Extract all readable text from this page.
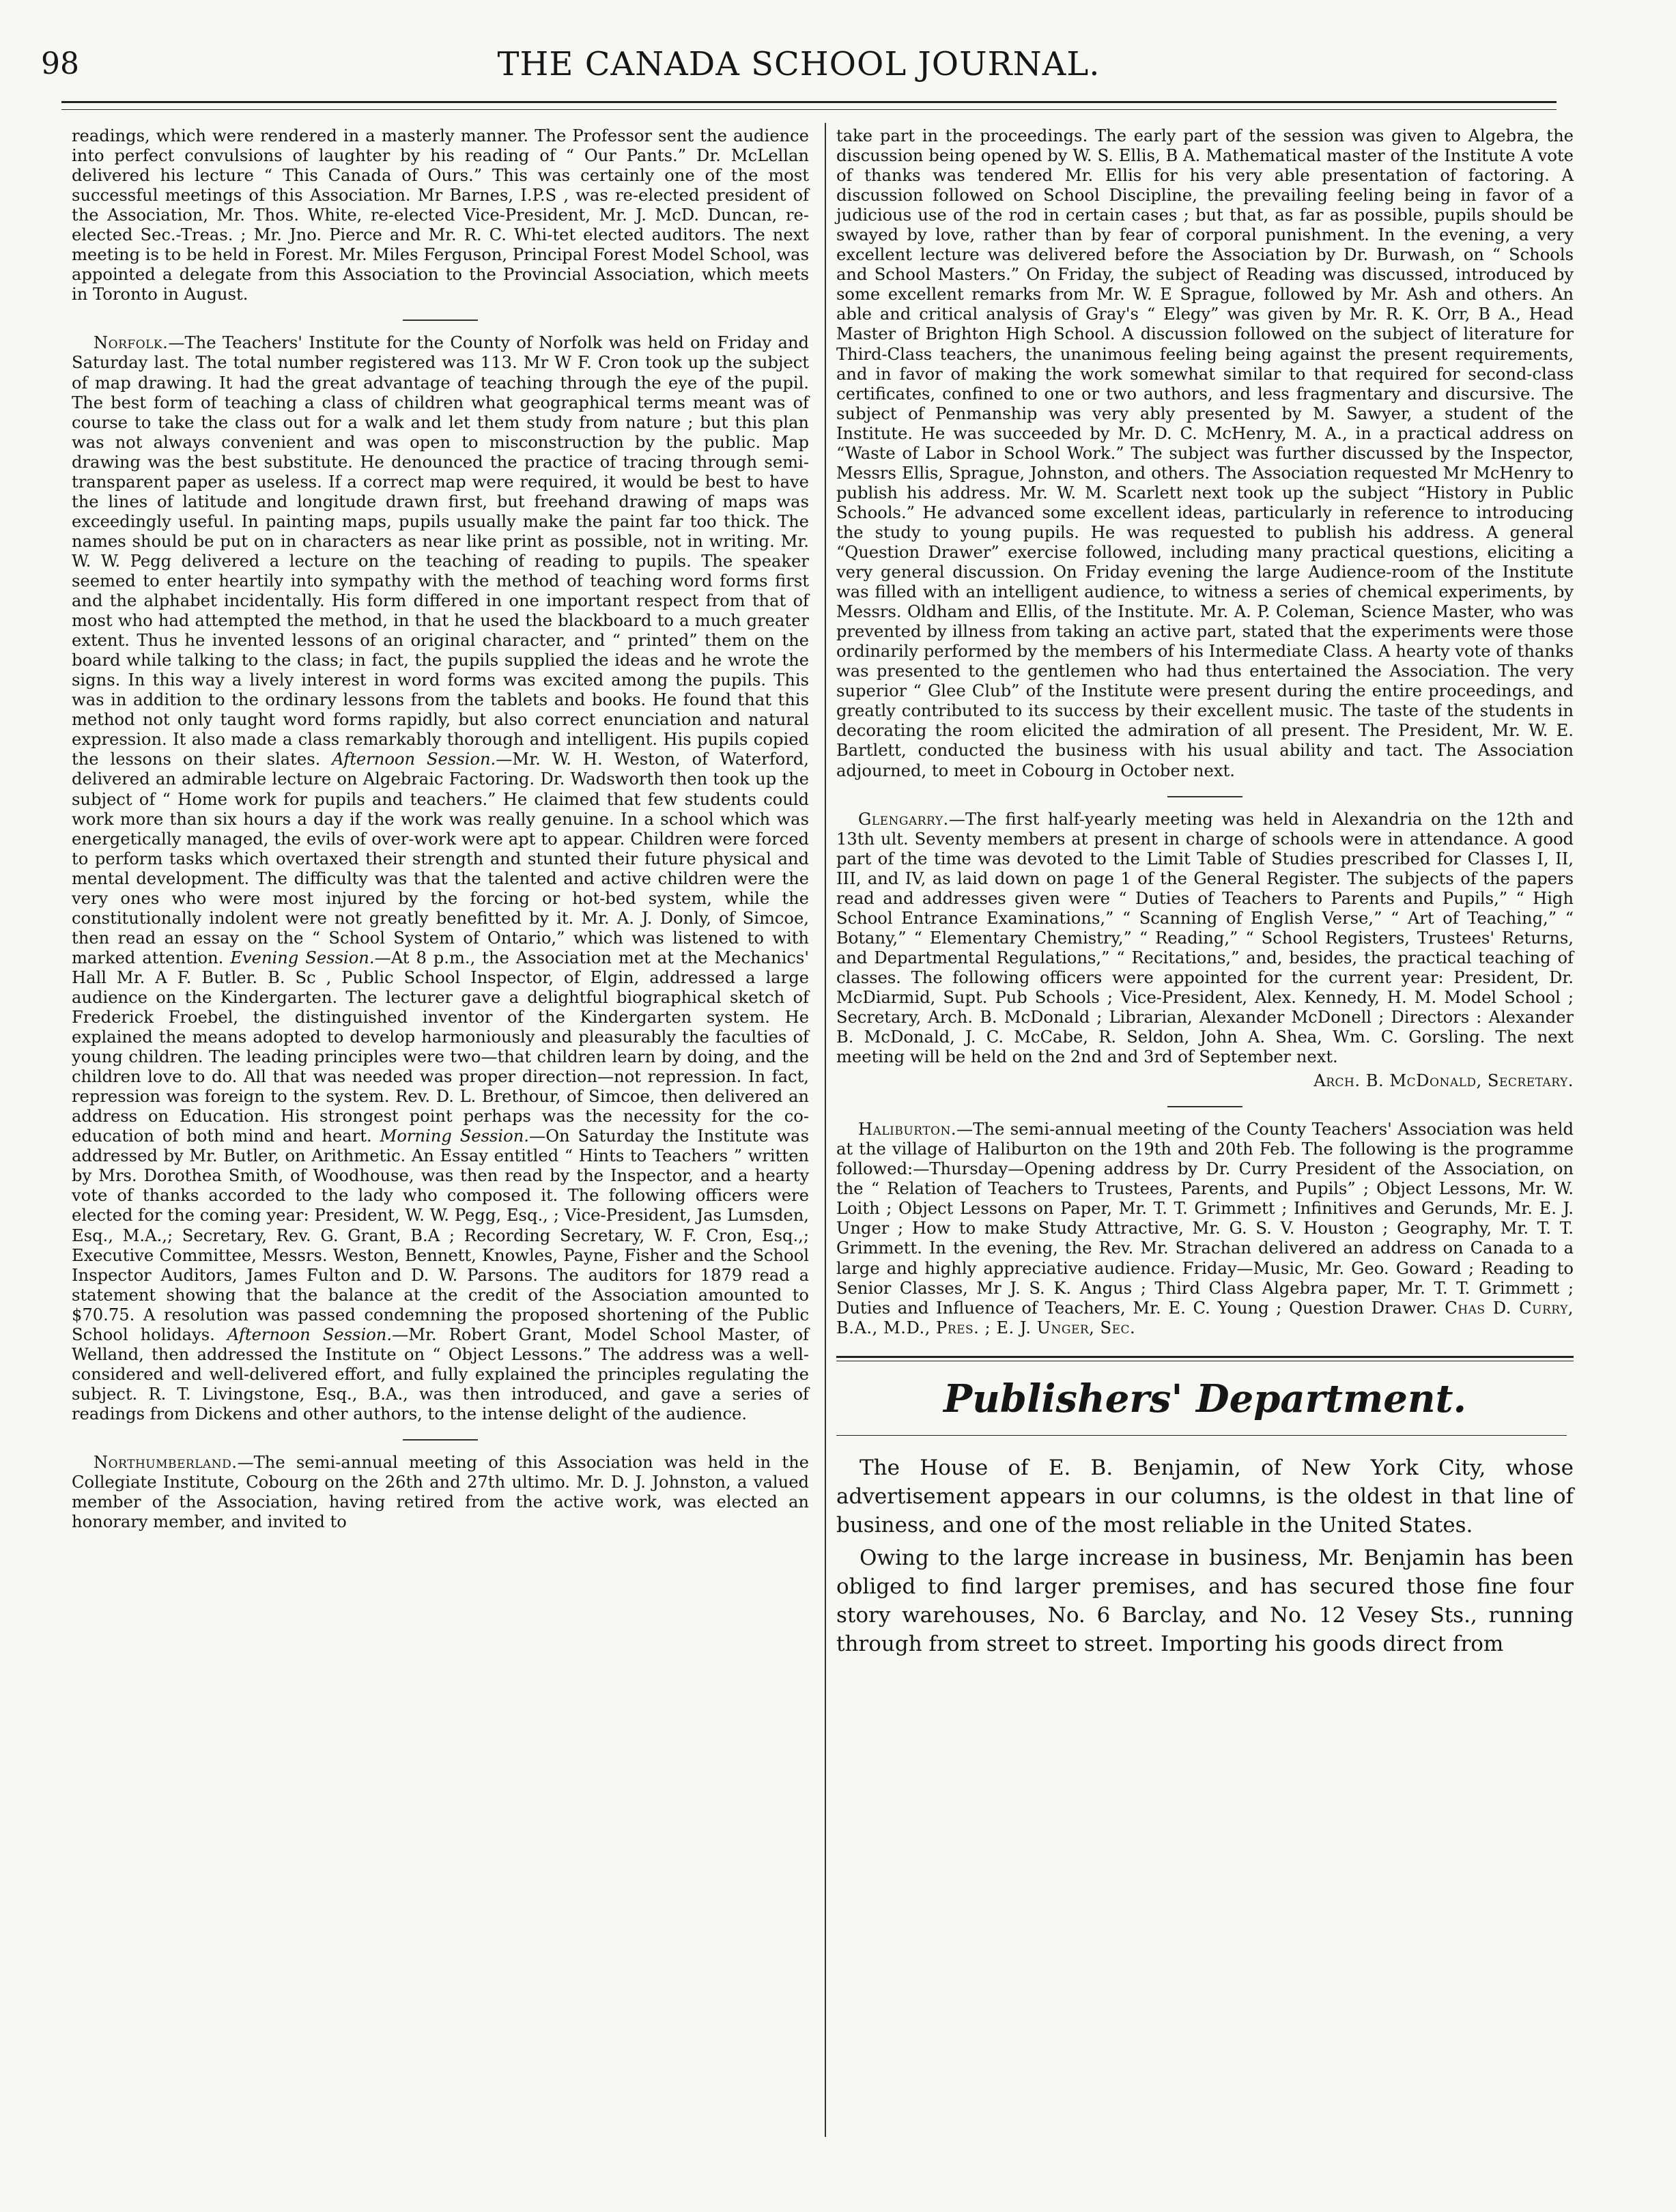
98	THE CANADA SCHOOL JOURNAL.

readings, which were rendered in a masterly manner. The Professor sent the audience into perfect convulsions of laughter by his reading of “ Our Pants.” Dr. McLellan delivered his lecture “ This Canada of Ours.” This was certainly one of the most successful meetings of this Association. Mr Barnes, I.P.S , was re-elected president of the Association, Mr. Thos. White, re-elected Vice-President, Mr. J. McD. Duncan, re-elected Sec.-Treas. ; Mr. Jno. Pierce and Mr. R. C. Whi-tet elected auditors. The next meeting is to be held in Forest. Mr. Miles Ferguson, Principal Forest Model School, was appointed a delegate from this Association to the Provincial Association, which meets in Toronto in August.

Norfolk.—The Teachers' Institute for the County of Norfolk was held on Friday and Saturday last. The total number registered was 113. Mr W F. Cron took up the subject of map drawing. It had the great advantage of teaching through the eye of the pupil. The best form of teaching a class of children what geographical terms meant was of course to take the class out for a walk and let them study from nature ; but this plan was not always convenient and was open to misconstruction by the public. Map drawing was the best substitute. He denounced the practice of tracing through semi-transparent paper as useless. If a correct map were required, it would be best to have the lines of latitude and longitude drawn first, but freehand drawing of maps was exceedingly useful. In painting maps, pupils usually make the paint far too thick. The names should be put on in characters as near like print as possible, not in writing. Mr. W. W. Pegg delivered a lecture on the teaching of reading to pupils. The speaker seemed to enter heartily into sympathy with the method of teaching word forms first and the alphabet incidentally. His form differed in one important respect from that of most who had attempted the method, in that he used the blackboard to a much greater extent. Thus he invented lessons of an original character, and “ printed” them on the board while talking to the class; in fact, the pupils supplied the ideas and he wrote the signs. In this way a lively interest in word forms was excited among the pupils. This was in addition to the ordinary lessons from the tablets and books. He found that this method not only taught word forms rapidly, but also correct enunciation and natural expression. It also made a class remarkably thorough and intelligent. His pupils copied the lessons on their slates. Afternoon Session.—Mr. W. H. Weston, of Waterford, delivered an admirable lecture on Algebraic Factoring. Dr. Wadsworth then took up the subject of “ Home work for pupils and teachers.” He claimed that few students could work more than six hours a day if the work was really genuine. In a school which was energetically managed, the evils of over-work were apt to appear. Children were forced to perform tasks which overtaxed their strength and stunted their future physical and mental development. The difficulty was that the talented and active children were the very ones who were most injured by the forcing or hot-bed system, while the constitutionally indolent were not greatly benefitted by it. Mr. A. J. Donly, of Simcoe, then read an essay on the “ School System of Ontario,” which was listened to with marked attention. Evening Session.—At 8 p.m., the Association met at the Mechanics' Hall Mr. A F. Butler. B. Sc , Public School Inspector, of Elgin, addressed a large audience on the Kindergarten. The lecturer gave a delightful biographical sketch of Frederick Froebel, the distinguished inventor of the Kindergarten system. He explained the means adopted to develop harmoniously and pleasurably the faculties of young children. The leading principles were two—that children learn by doing, and the children love to do. All that was needed was proper direction—not repression. In fact, repression was foreign to the system. Rev. D. L. Brethour, of Simcoe, then delivered an address on Education. His strongest point perhaps was the necessity for the co-education of both mind and heart. Morning Session.—On Saturday the Institute was addressed by Mr. Butler, on Arithmetic. An Essay entitled “ Hints to Teachers ” written by Mrs. Dorothea Smith, of Woodhouse, was then read by the Inspector, and a hearty vote of thanks accorded to the lady who composed it. The following officers were elected for the coming year: President, W. W. Pegg, Esq., ; Vice-President, Jas Lumsden, Esq., M.A.,; Secretary, Rev. G. Grant, B.A ; Recording Secretary, W. F. Cron, Esq.,; Executive Committee, Messrs. Weston, Bennett, Knowles, Payne, Fisher and the School Inspector Auditors, James Fulton and D. W. Parsons. The auditors for 1879 read a statement showing that the balance at the credit of the Association amounted to $70.75. A resolution was passed condemning the proposed shortening of the Public School holidays. Afternoon Session.—Mr. Robert Grant, Model School Master, of Welland, then addressed the Institute on “ Object Lessons.” The address was a well-considered and well-delivered effort, and fully explained the principles regulating the subject. R. T. Livingstone, Esq., B.A., was then introduced, and gave a series of readings from Dickens and other authors, to the intense delight of the audience.

Northumberland.—The semi-annual meeting of this Association was held in the Collegiate Institute, Cobourg on the 26th and 27th ultimo. Mr. D. J. Johnston, a valued member of the Association, having retired from the active work, was elected an honorary member, and invited to

take part in the proceedings. The early part of the session was given to Algebra, the discussion being opened by W. S. Ellis, B A. Mathematical master of the Institute A vote of thanks was tendered Mr. Ellis for his very able presentation of factoring. A discussion followed on School Discipline, the prevailing feeling being in favor of a judicious use of the rod in certain cases ; but that, as far as possible, pupils should be swayed by love, rather than by fear of corporal punishment. In the evening, a very excellent lecture was delivered before the Association by Dr. Burwash, on “ Schools and School Masters.” On Friday, the subject of Reading was discussed, introduced by some excellent remarks from Mr. W. E Sprague, followed by Mr. Ash and others. An able and critical analysis of Gray's “ Elegy” was given by Mr. R. K. Orr, B A., Head Master of Brighton High School. A discussion followed on the subject of literature for Third-Class teachers, the unanimous feeling being against the present requirements, and in favor of making the work somewhat similar to that required for second-class certificates, confined to one or two authors, and less fragmentary and discursive. The subject of Penmanship was very ably presented by M. Sawyer, a student of the Institute. He was succeeded by Mr. D. C. McHenry, M. A., in a practical address on “Waste of Labor in School Work.” The subject was further discussed by the Inspector, Messrs Ellis, Sprague, Johnston, and others. The Association requested Mr McHenry to publish his address. Mr. W. M. Scarlett next took up the subject “History in Public Schools.” He advanced some excellent ideas, particularly in reference to introducing the study to young pupils. He was requested to publish his address. A general “Question Drawer” exercise followed, including many practical questions, eliciting a very general discussion. On Friday evening the large Audience-room of the Institute was filled with an intelligent audience, to witness a series of chemical experiments, by Messrs. Oldham and Ellis, of the Institute. Mr. A. P. Coleman, Science Master, who was prevented by illness from taking an active part, stated that the experiments were those ordinarily performed by the members of his Intermediate Class. A hearty vote of thanks was presented to the gentlemen who had thus entertained the Association. The very superior “ Glee Club” of the Institute were present during the entire proceedings, and greatly contributed to its success by their excellent music. The taste of the students in decorating the room elicited the admiration of all present. The President, Mr. W. E. Bartlett, conducted the business with his usual ability and tact. The Association adjourned, to meet in Cobourg in October next.

Glengarry.—The first half-yearly meeting was held in Alexandria on the 12th and 13th ult. Seventy members at present in charge of schools were in attendance. A good part of the time was devoted to the Limit Table of Studies prescribed for Classes I, II, III, and IV, as laid down on page 1 of the General Register. The subjects of the papers read and addresses given were “ Duties of Teachers to Parents and Pupils,” “ High School Entrance Examinations,” “ Scanning of English Verse,” “ Art of Teaching,” “ Botany,” “ Elementary Chemistry,” “ Reading,” “ School Registers, Trustees' Returns, and Departmental Regulations,” “ Recitations,” and, besides, the practical teaching of classes. The following officers were appointed for the current year: President, Dr. McDiarmid, Supt. Pub Schools ; Vice-President, Alex. Kennedy, H. M. Model School ; Secretary, Arch. B. McDonald ; Librarian, Alexander McDonell ; Directors : Alexander B. McDonald, J. C. McCabe, R. Seldon, John A. Shea, Wm. C. Gorsling. The next meeting will be held on the 2nd and 3rd of September next.

Arch. B. McDonald, Secretary.

Haliburton.—The semi-annual meeting of the County Teachers' Association was held at the village of Haliburton on the 19th and 20th Feb. The following is the programme followed:—Thursday—Opening address by Dr. Curry President of the Association, on the “ Relation of Teachers to Trustees, Parents, and Pupils” ; Object Lessons, Mr. W. Loith ; Object Lessons on Paper, Mr. T. T. Grimmett ; Infinitives and Gerunds, Mr. E. J. Unger ; How to make Study Attractive, Mr. G. S. V. Houston ; Geography, Mr. T. T. Grimmett. In the evening, the Rev. Mr. Strachan delivered an address on Canada to a large and highly appreciative audience. Friday—Music, Mr. Geo. Goward ; Reading to Senior Classes, Mr J. S. K. Angus ; Third Class Algebra paper, Mr. T. T. Grimmett ; Duties and Influence of Teachers, Mr. E. C. Young ; Question Drawer. Chas D. Curry, B.A., M.D., Pres. ; E. J. Unger, Sec.

Publishers' Department.

The House of E. B. Benjamin, of New York City, whose advertisement appears in our columns, is the oldest in that line of business, and one of the most reliable in the United States.

Owing to the large increase in business, Mr. Benjamin has been obliged to find larger premises, and has secured those fine four story warehouses, No. 6 Barclay, and No. 12 Vesey Sts., running through from street to street. Importing his goods direct from
